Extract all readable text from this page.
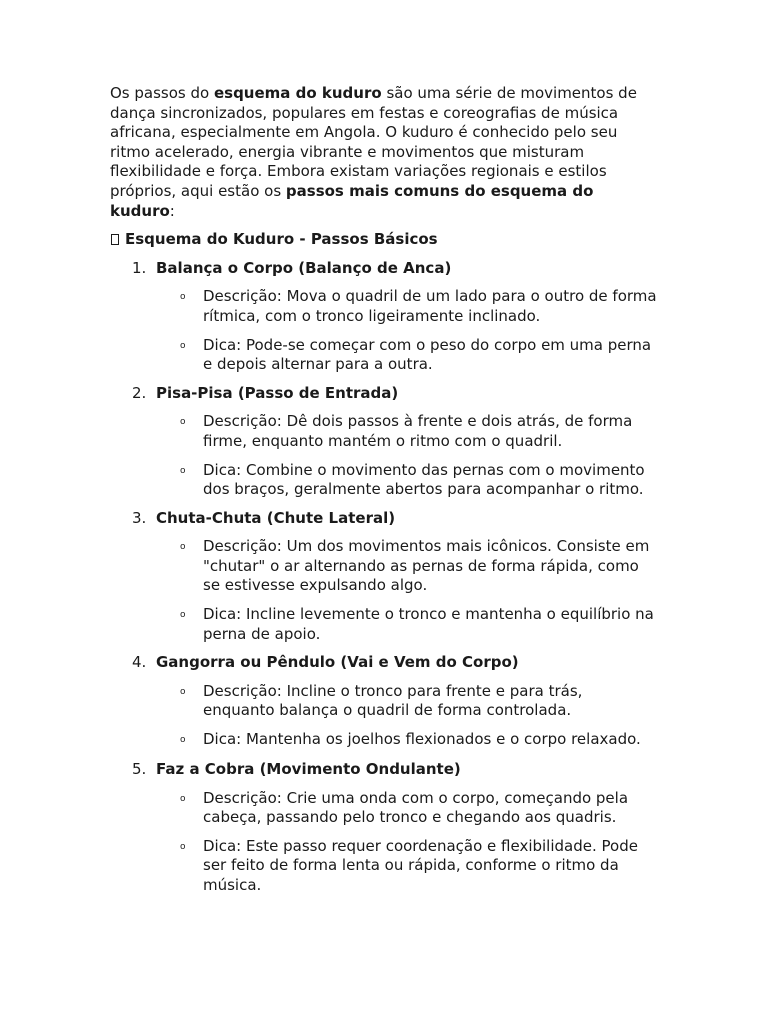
Os passos do esquema do kuduro são uma série de movimentos de dança sincronizados, populares em festas e coreografias de música africana, especialmente em Angola. O kuduro é conhecido pelo seu ritmo acelerado, energia vibrante e movimentos que misturam flexibilidade e força. Embora existam variações regionais e estilos próprios, aqui estão os passos mais comuns do esquema do kuduro:

Esquema do Kuduro - Passos Básicos
1. Balança o Corpo (Balanço de Anca)
o	Descrição: Mova o quadril de um lado para o outro de forma rítmica, com o tronco ligeiramente inclinado.
o	Dica: Pode-se começar com o peso do corpo em uma perna e depois alternar para a outra.
2. Pisa-Pisa (Passo de Entrada)
o	Descrição: Dê dois passos à frente e dois atrás, de forma firme, enquanto mantém o ritmo com o quadril.
o	Dica: Combine o movimento das pernas com o movimento dos braços, geralmente abertos para acompanhar o ritmo.
3. Chuta-Chuta (Chute Lateral)
o	Descrição: Um dos movimentos mais icônicos. Consiste em "chutar" o ar alternando as pernas de forma rápida, como se estivesse expulsando algo.
o	Dica: Incline levemente o tronco e mantenha o equilíbrio na perna de apoio.
4. Gangorra ou Pêndulo (Vai e Vem do Corpo)
o	Descrição: Incline o tronco para frente e para trás, enquanto balança o quadril de forma controlada.
o	Dica: Mantenha os joelhos flexionados e o corpo relaxado.
5. Faz a Cobra (Movimento Ondulante)
o	Descrição: Crie uma onda com o corpo, começando pela cabeça, passando pelo tronco e chegando aos quadris.
o	Dica: Este passo requer coordenação e flexibilidade. Pode ser feito de forma lenta ou rápida, conforme o ritmo da música.
